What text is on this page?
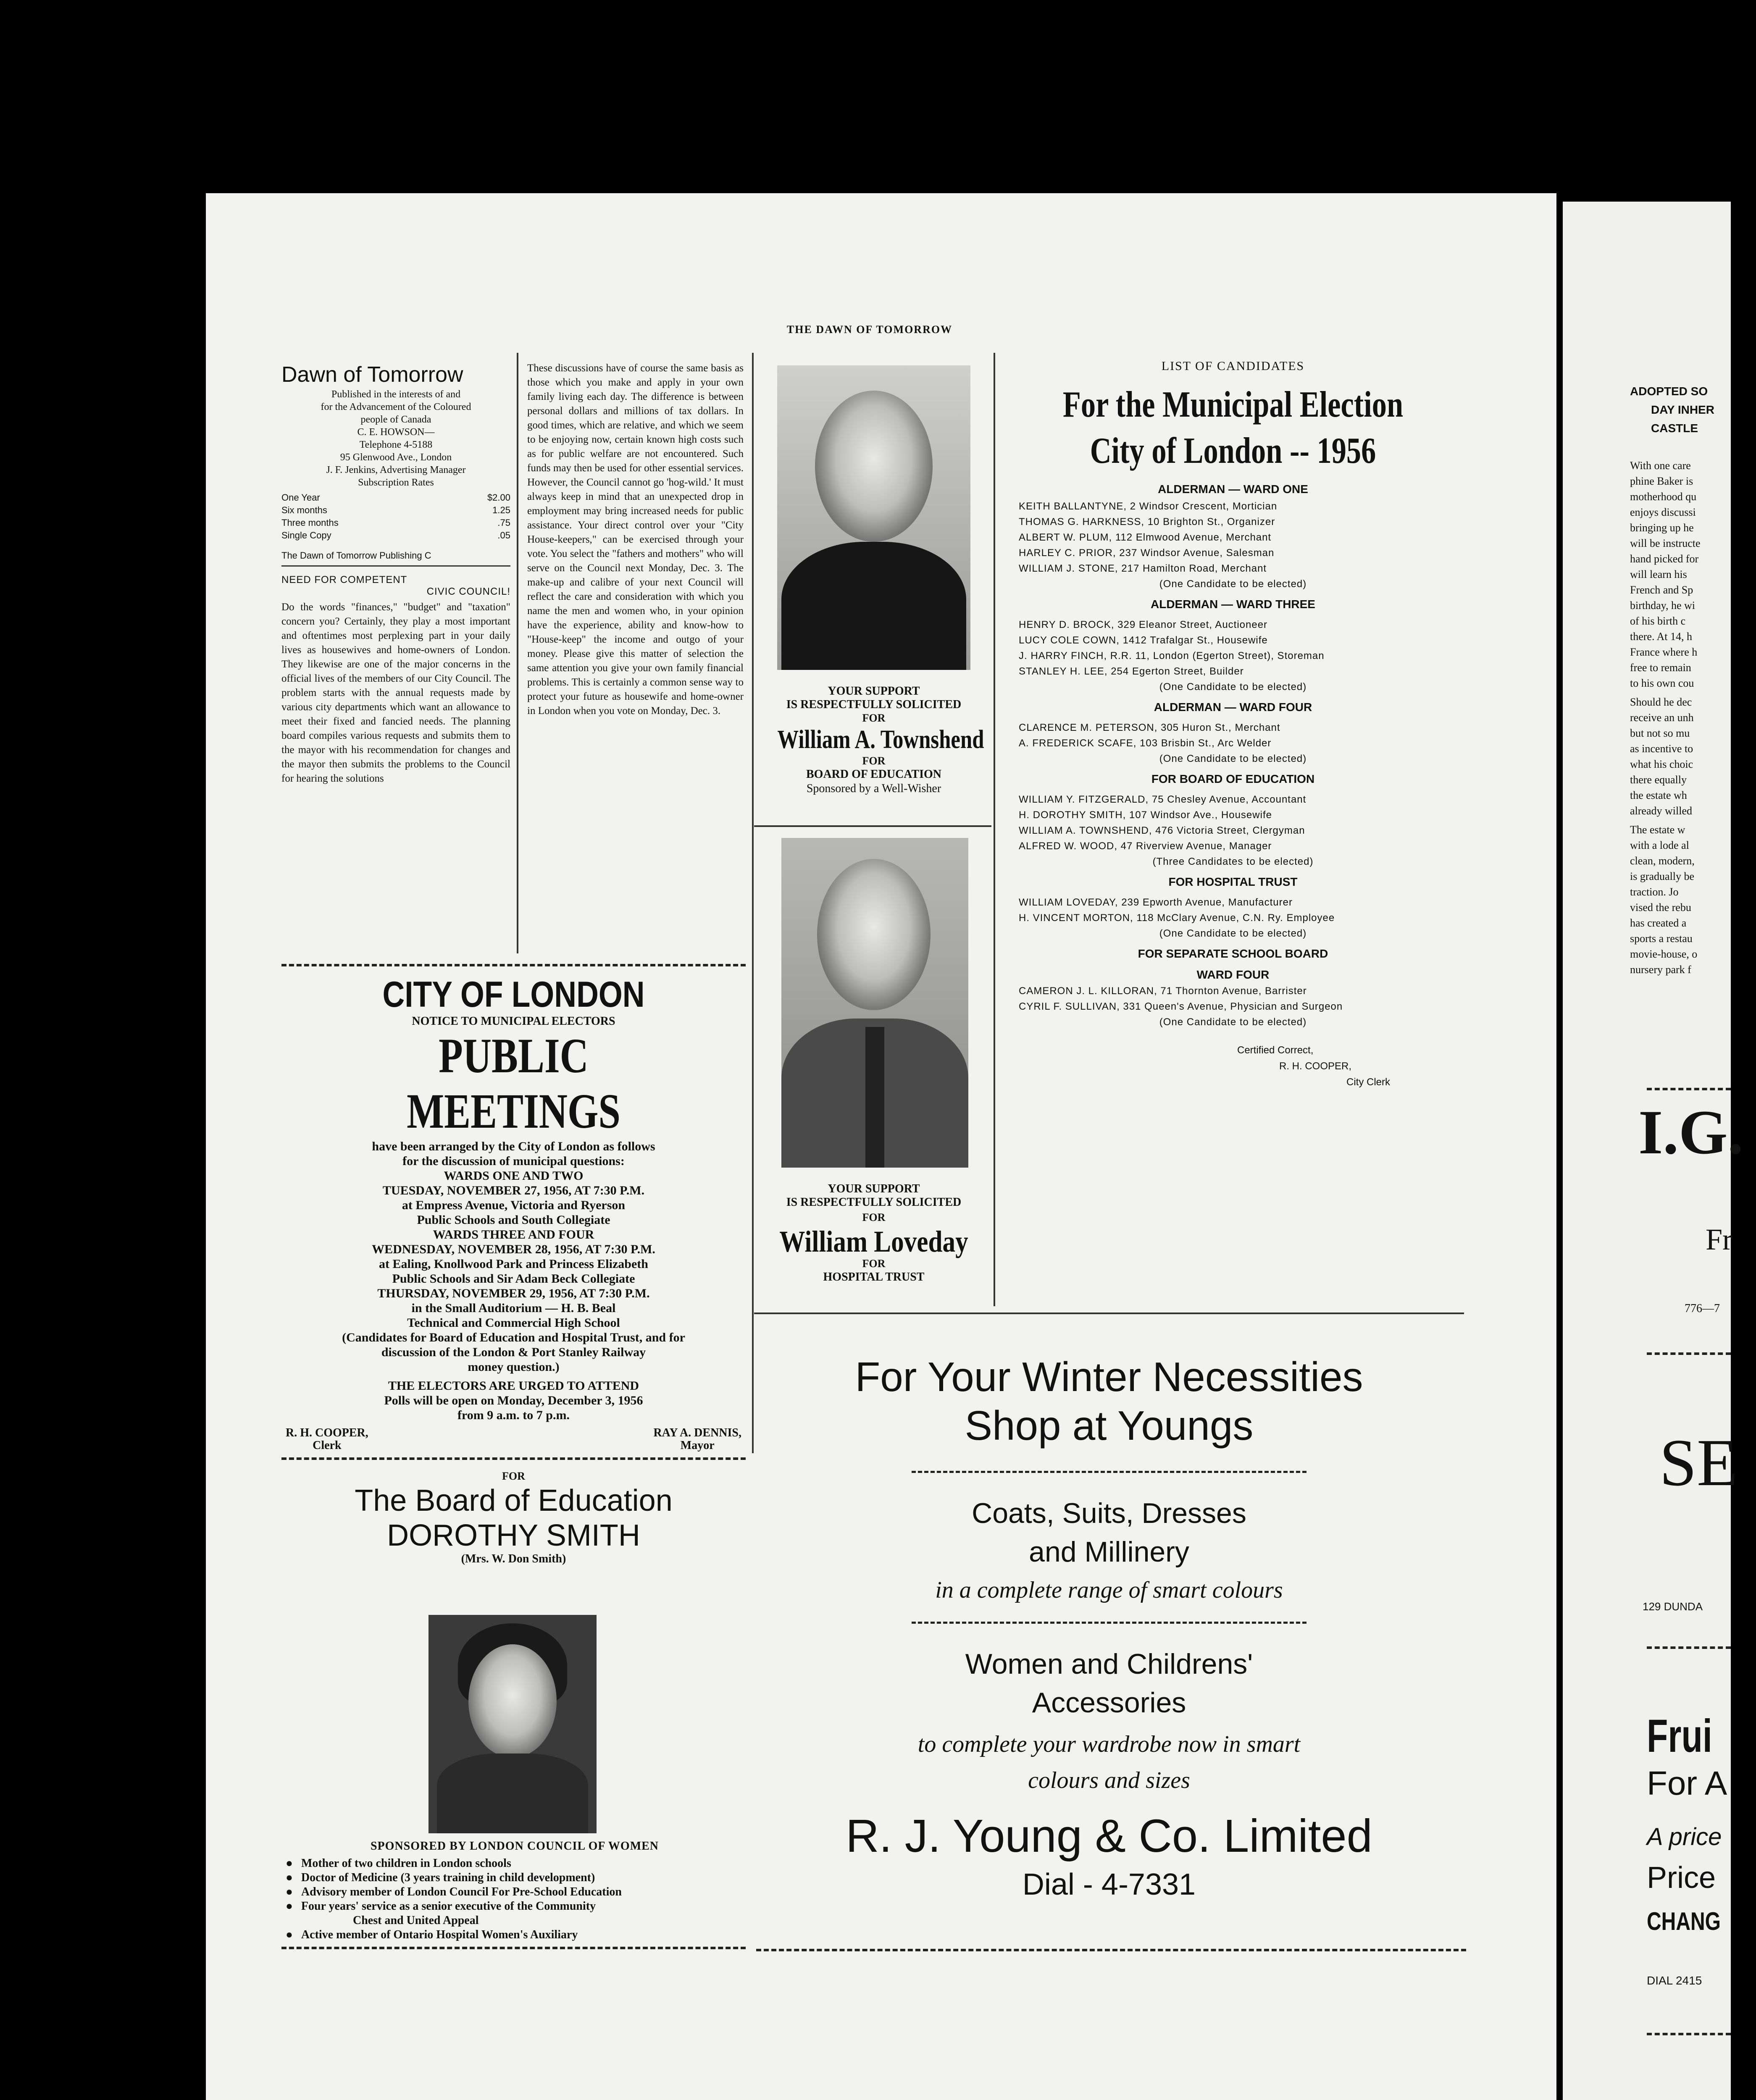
THE DAWN OF TOMORROW
Dawn of Tomorrow
Published in the interests of and
for the Advancement of the Coloured
people of Canada
C. E. HOWSON—
Telephone 4-5188
95 Glenwood Ave., London
J. F. Jenkins, Advertising Manager
Subscription Rates
One Year	$2.00
Six months	1.25
Three months	.75
Single Copy	.05
The Dawn of Tomorrow Publishing C
NEED FOR COMPETENT
CIVIC COUNCIL!
Do the words "finances," "budget" and "taxation" concern you? Certainly, they play a most important and oftentimes most perplexing part in your daily lives as housewives and home-owners of London. They likewise are one of the major concerns in the official lives of the members of our City Council. The problem starts with the annual requests made by various city departments which want an allowance to meet their fixed and fancied needs. The planning board compiles various requests and submits them to the mayor with his recommendation for changes and the mayor then submits the problems to the Council for hearing the solutions
These discussions have of course the same basis as those which you make and apply in your own family living each day. The difference is between personal dollars and millions of tax dollars. In good times, which are relative, and which we seem to be enjoying now, certain known high costs such as for public welfare are not encountered. Such funds may then be used for other essential services. However, the Council cannot go 'hog-wild.' It must always keep in mind that an unexpected drop in employment may bring increased needs for public assistance. Your direct control over your "City House-keepers," can be exercised through your vote. You select the "fathers and mothers" who will serve on the Council next Monday, Dec. 3. The make-up and calibre of your next Council will reflect the care and consideration with which you name the men and women who, in your opinion have the experience, ability and know-how to "House-keep" the income and outgo of your money. Please give this matter of selection the same attention you give your own family financial problems. This is certainly a common sense way to protect your future as housewife and home-owner in London when you vote on Monday, Dec. 3.
CITY OF LONDON
NOTICE TO MUNICIPAL ELECTORS
PUBLIC MEETINGS
have been arranged by the City of London as follows
for the discussion of municipal questions:
WARDS ONE AND TWO
TUESDAY, NOVEMBER 27, 1956, AT 7:30 P.M.
at Empress Avenue, Victoria and Ryerson
Public Schools and South Collegiate
WARDS THREE AND FOUR
WEDNESDAY, NOVEMBER 28, 1956, AT 7:30 P.M.
at Ealing, Knollwood Park and Princess Elizabeth
Public Schools and Sir Adam Beck Collegiate
THURSDAY, NOVEMBER 29, 1956, AT 7:30 P.M.
in the Small Auditorium — H. B. Beal
Technical and Commercial High School
(Candidates for Board of Education and Hospital Trust, and for
discussion of the London & Port Stanley Railway
money question.)
THE ELECTORS ARE URGED TO ATTEND
Polls will be open on Monday, December 3, 1956
from 9 a.m. to 7 p.m.
R. H. COOPER,
Clerk
RAY A. DENNIS,
Mayor
FOR
The Board of Education
DOROTHY SMITH
(Mrs. W. Don Smith)
SPONSORED BY LONDON COUNCIL OF WOMEN
● Mother of two children in London schools
● Doctor of Medicine (3 years training in child development)
● Advisory member of London Council For Pre-School Education
● Four years' service as a senior executive of the Community
Chest and United Appeal
● Active member of Ontario Hospital Women's Auxiliary
YOUR SUPPORT
IS RESPECTFULLY SOLICITED
FOR
William A. Townshend
FOR
BOARD OF EDUCATION
Sponsored by a Well-Wisher
YOUR SUPPORT
IS RESPECTFULLY SOLICITED
FOR
William Loveday
FOR
HOSPITAL TRUST
LIST OF CANDIDATES
For the Municipal Election
City of London -- 1956
ALDERMAN — WARD ONE
KEITH BALLANTYNE, 2 Windsor Crescent, Mortician
THOMAS G. HARKNESS, 10 Brighton St., Organizer
ALBERT W. PLUM, 112 Elmwood Avenue, Merchant
HARLEY C. PRIOR, 237 Windsor Avenue, Salesman
WILLIAM J. STONE, 217 Hamilton Road, Merchant
(One Candidate to be elected)
ALDERMAN — WARD THREE
HENRY D. BROCK, 329 Eleanor Street, Auctioneer
LUCY COLE COWN, 1412 Trafalgar St., Housewife
J. HARRY FINCH, R.R. 11, London (Egerton Street), Storeman
STANLEY H. LEE, 254 Egerton Street, Builder
(One Candidate to be elected)
ALDERMAN — WARD FOUR
CLARENCE M. PETERSON, 305 Huron St., Merchant
A. FREDERICK SCAFE, 103 Brisbin St., Arc Welder
(One Candidate to be elected)
FOR BOARD OF EDUCATION
WILLIAM Y. FITZGERALD, 75 Chesley Avenue, Accountant
H. DOROTHY SMITH, 107 Windsor Ave., Housewife
WILLIAM A. TOWNSHEND, 476 Victoria Street, Clergyman
ALFRED W. WOOD, 47 Riverview Avenue, Manager
(Three Candidates to be elected)
FOR HOSPITAL TRUST
WILLIAM LOVEDAY, 239 Epworth Avenue, Manufacturer
H. VINCENT MORTON, 118 McClary Avenue, C.N. Ry. Employee
(One Candidate to be elected)
FOR SEPARATE SCHOOL BOARD
WARD FOUR
CAMERON J. L. KILLORAN, 71 Thornton Avenue, Barrister
CYRIL F. SULLIVAN, 331 Queen's Avenue, Physician and Surgeon
(One Candidate to be elected)
Certified Correct,
R. H. COOPER,
City Clerk
For Your Winter Necessities
Shop at Youngs
Coats, Suits, Dresses
and Millinery
in a complete range of smart colours
Women and Childrens'
Accessories
to complete your wardrobe now in smart
colours and sizes
R. J. Young & Co. Limited
Dial - 4-7331
ADOPTED SO
DAY INHER
CASTLE
With one care
phine Baker is
motherhood qu
enjoys discussi
bringing up he
will be instructe
hand picked for
will learn his
French and Sp
birthday, he wi
of his birth c
there. At 14, h
France where h
free to remain
to his own cou
Should he dec
receive an unh
but not so mu
as incentive to
what his choic
there equally
the estate wh
already willed
The estate w
with a lode al
clean, modern,
is gradually be
traction. Jo
vised the rebu
has created a
sports a restau
movie-house, o
nursery park f
I.G.
Fr
776—7
SE
129 DUNDA
Frui
For A
A price
Price
CHANG
DIAL 2415
